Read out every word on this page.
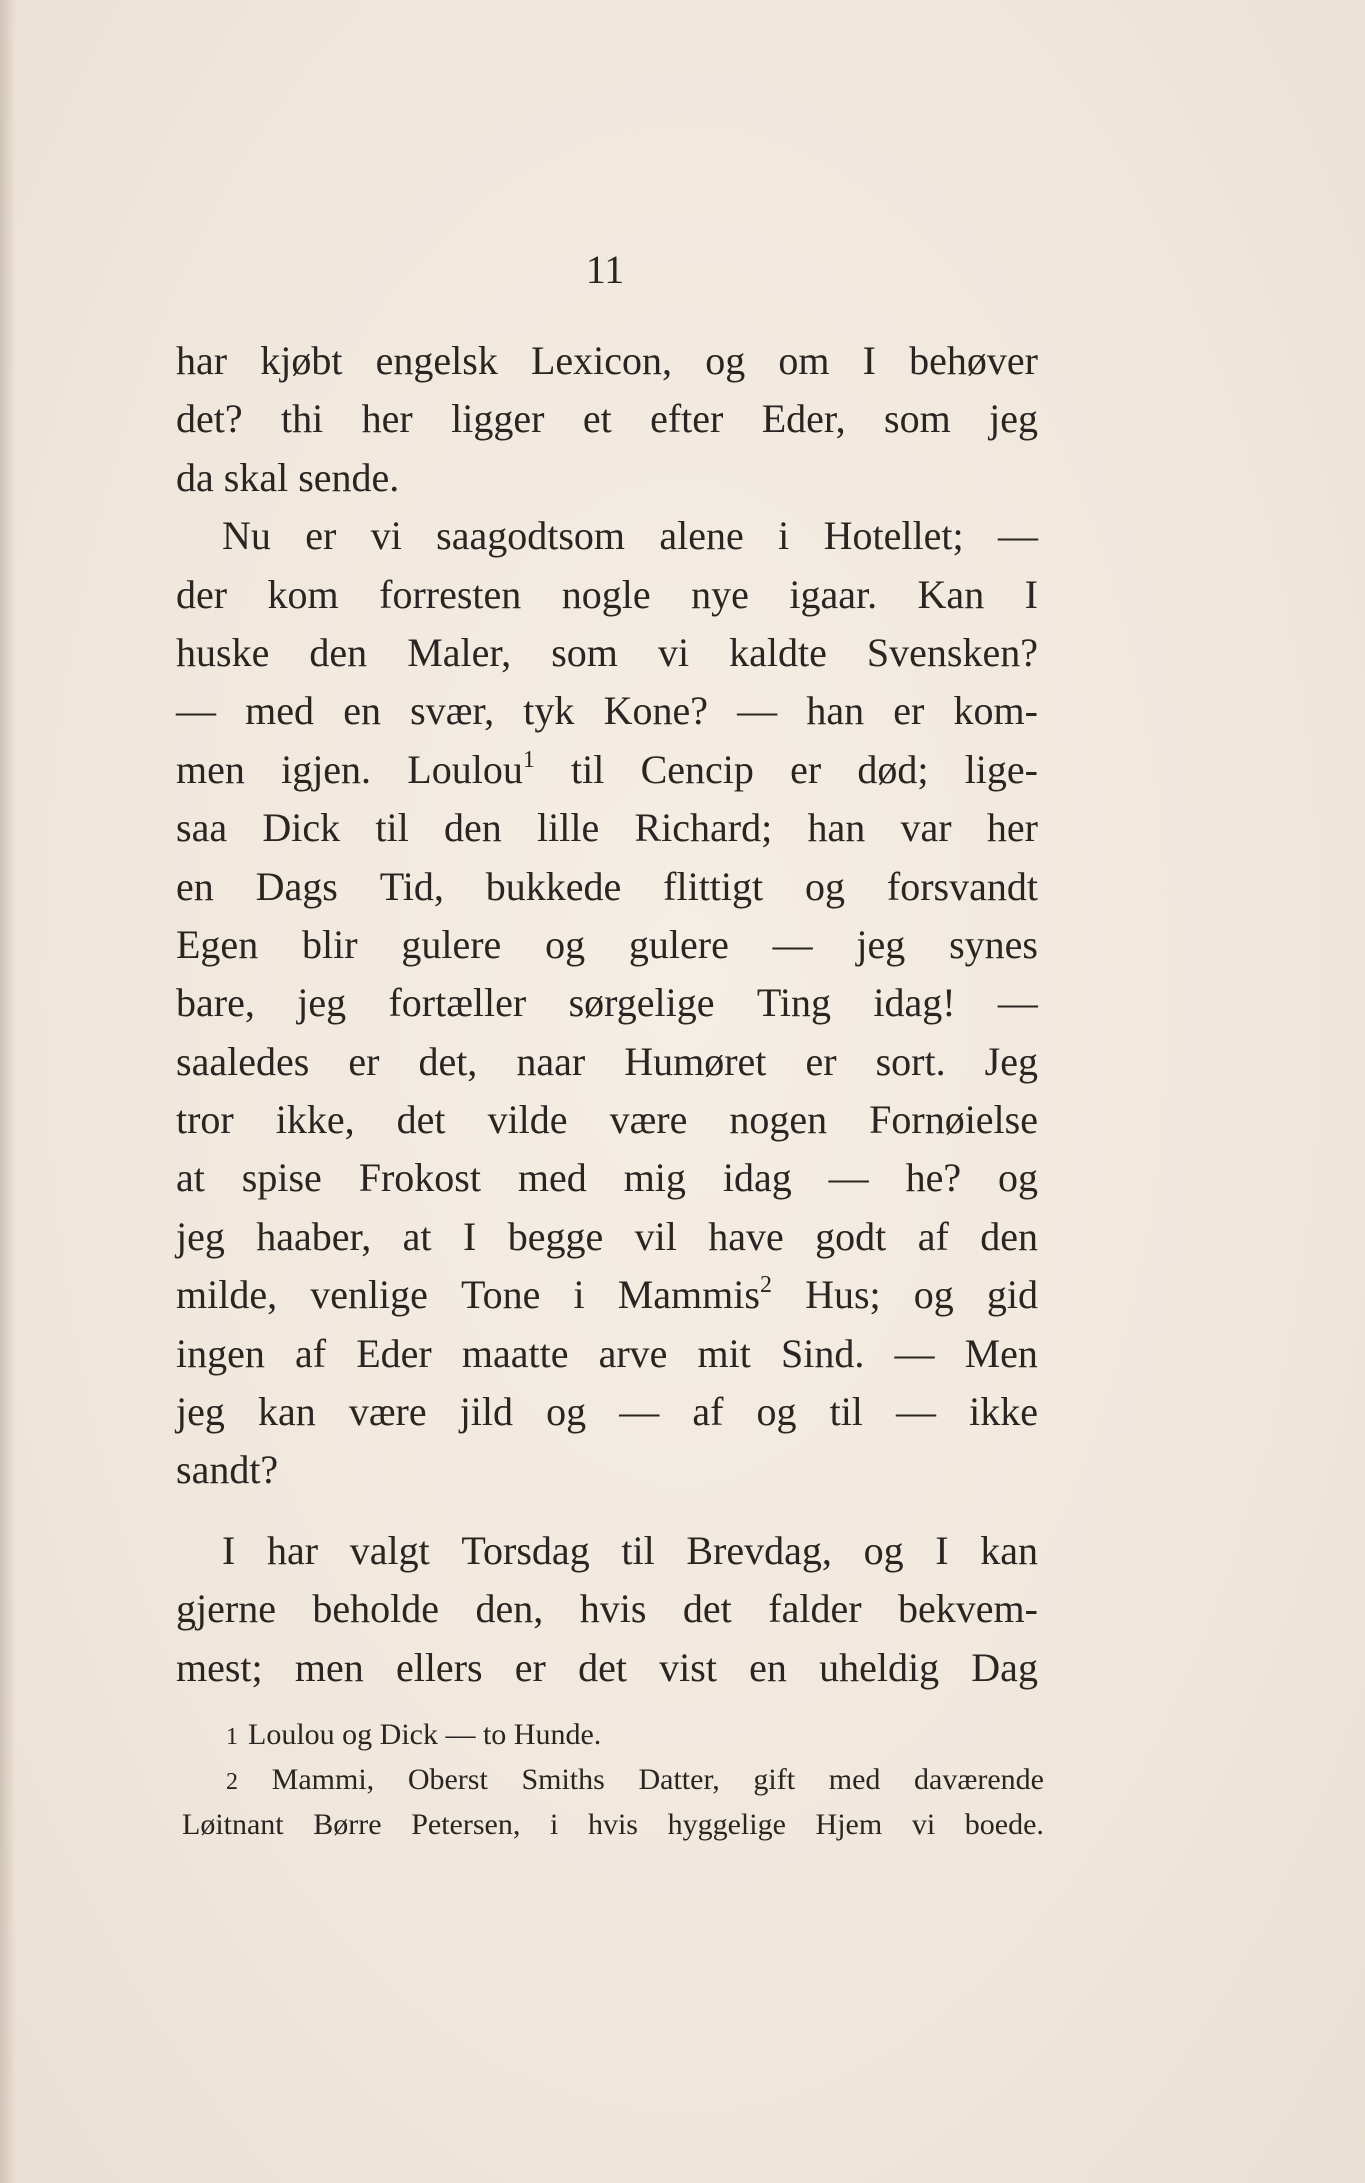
11
har kjøbt engelsk Lexicon, og om I behøver
det? thi her ligger et efter Eder, som jeg
da
skal
sende.
Nu er vi saagodtsom alene i Hotellet; —
der kom forresten nogle nye igaar. Kan I
huske den Maler, som vi kaldte Svensken?
— med en svær, tyk Kone? — han er kom-
men igjen. Loulou$^1$ til Cencip er død; lige-
saa Dick til den lille Richard; han var her
en Dags Tid, bukkede flittigt og forsvandt
Egen blir gulere og gulere — jeg synes
bare, jeg fortæller sørgelige Ting idag! —
saaledes er det, naar Humøret er sort. Jeg
tror ikke, det vilde være nogen Fornøielse
at spise Frokost med mig idag — he? og
jeg haaber, at I begge vil have godt af den
milde, venlige Tone i Mammis$^2$ Hus; og gid
ingen af Eder maatte arve mit Sind. — Men
jeg kan være jild og — af og til — ikke
sandt?
I har valgt Torsdag til Brevdag, og I kan
gjerne beholde den, hvis det falder bekvem-
mest; men ellers er det vist en uheldig Dag
1 Loulou og Dick — to Hunde.
2 Mammi, Oberst Smiths Datter, gift med daværende
Løitnant Børre Petersen, i hvis hyggelige Hjem vi boede.
